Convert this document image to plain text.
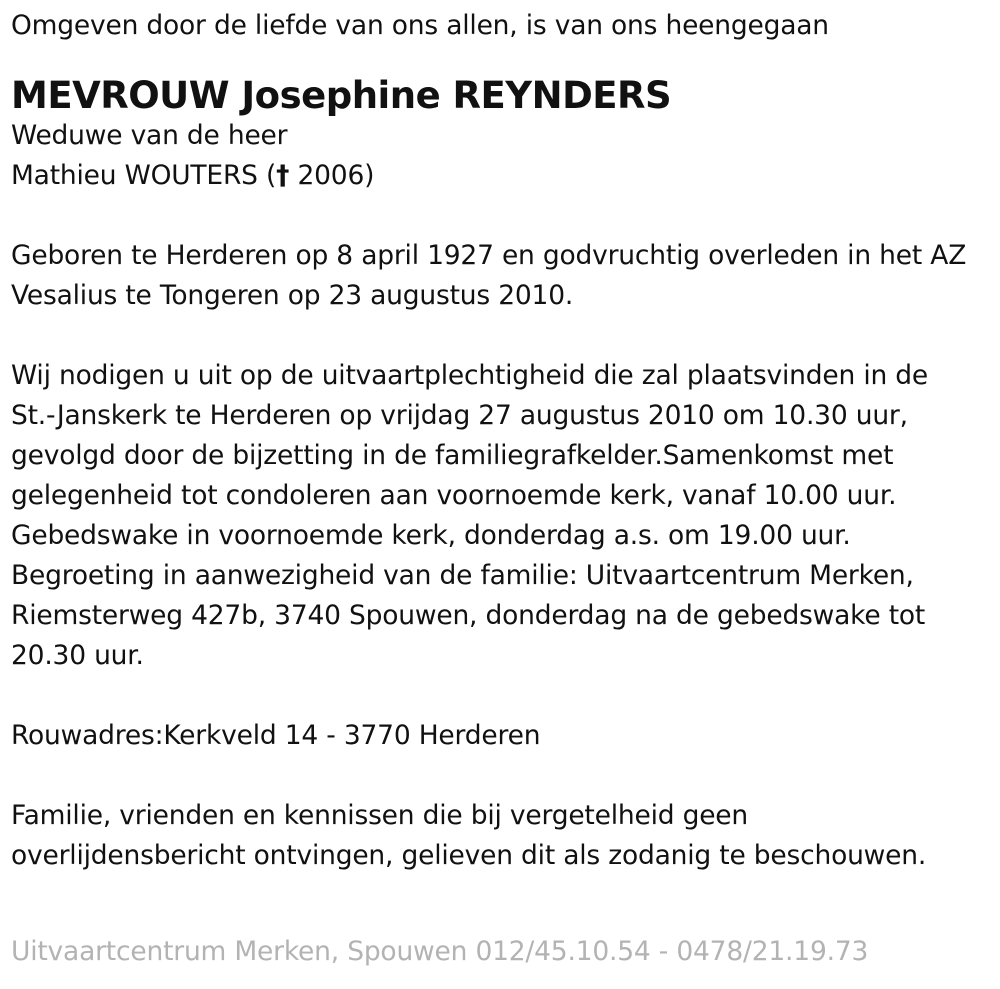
Omgeven door de liefde van ons allen, is van ons heengegaan
MEVROUW Josephine REYNDERS
Weduwe van de heer
Mathieu WOUTERS († 2006)
Geboren te Herderen op 8 april 1927 en godvruchtig overleden in het AZ
Vesalius te Tongeren op 23 augustus 2010.
Wij nodigen u uit op de uitvaartplechtigheid die zal plaatsvinden in de
St.-Janskerk te Herderen op vrijdag 27 augustus 2010 om 10.30 uur,
gevolgd door de bijzetting in de familiegrafkelder.Samenkomst met
gelegenheid tot condoleren aan voornoemde kerk, vanaf 10.00 uur.
Gebedswake in voornoemde kerk, donderdag a.s. om 19.00 uur.
Begroeting in aanwezigheid van de familie: Uitvaartcentrum Merken,
Riemsterweg 427b, 3740 Spouwen, donderdag na de gebedswake tot
20.30 uur.
Rouwadres:Kerkveld 14 - 3770 Herderen
Familie, vrienden en kennissen die bij vergetelheid geen
overlijdensbericht ontvingen, gelieven dit als zodanig te beschouwen.
Uitvaartcentrum Merken, Spouwen 012/45.10.54 - 0478/21.19.73
